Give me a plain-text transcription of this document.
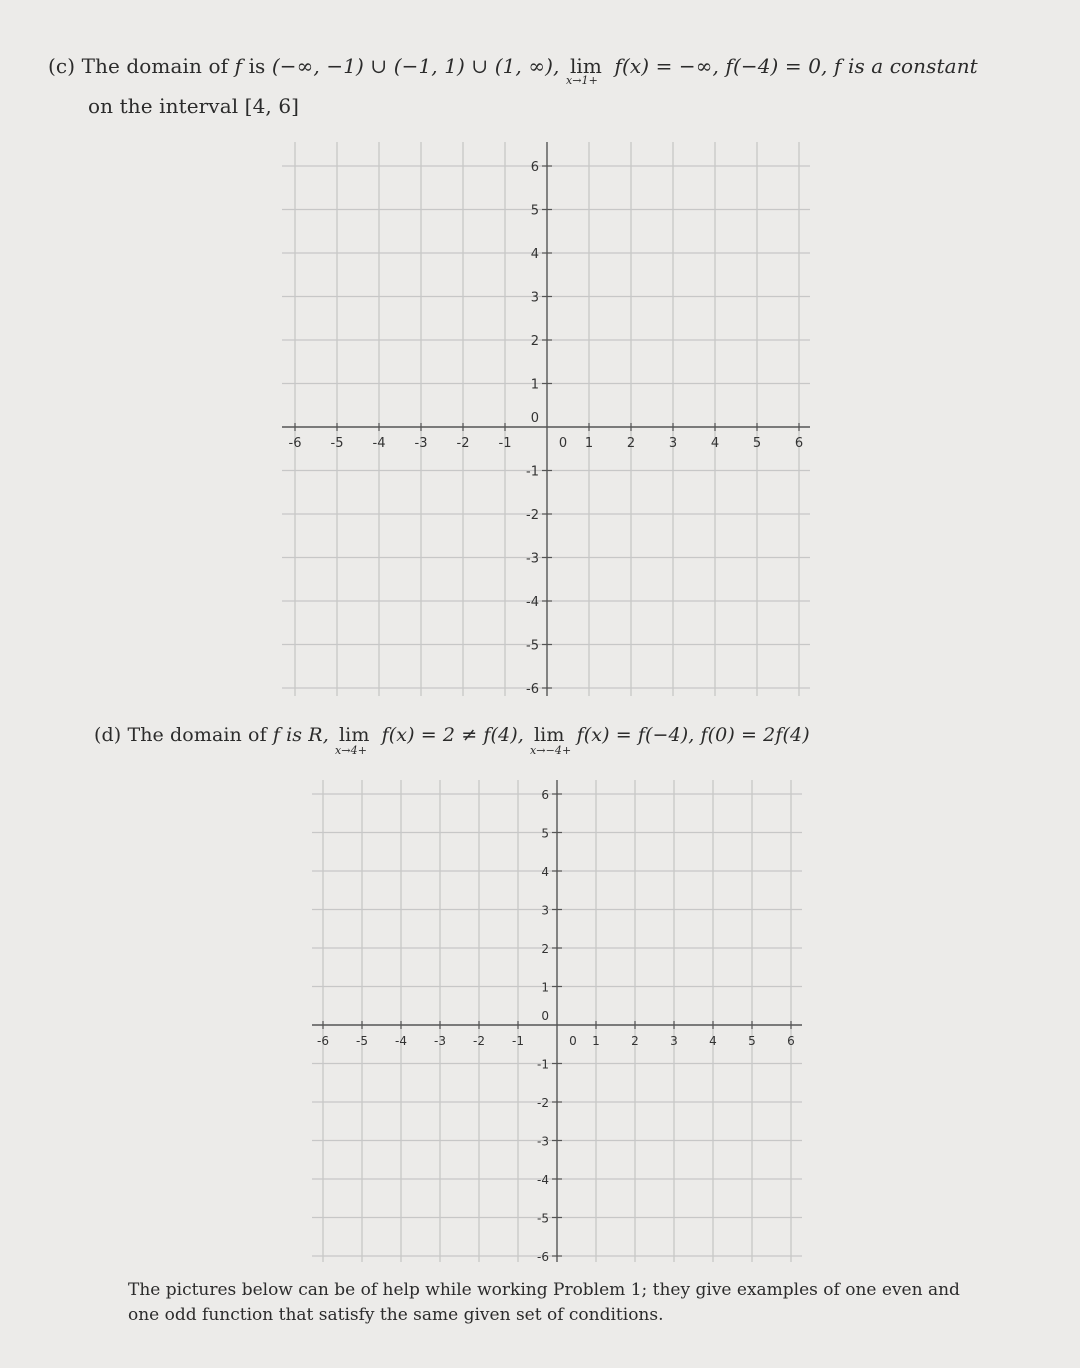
(c) The domain of f is (−∞, −1) ∪ (−1, 1) ∪ (1, ∞), lim
x→1+
f(x) = −∞, f(−4) = 0, f is a constant
on the interval [4, 6]
6
5
4
3
2
1
0
-1
-2
-3
-4
-5
-6
-6 -5 -4 -3 -2 -1	0 1	2	3	4	5	6
(d) The domain of f is R, lim
x→4+
f(x) = 2 ≠ f(4), lim
x→−4+
f(x) = f(−4), f(0) = 2f(4)
6
5
4
3
2
1
0
-1
-2
-3
-4
-5
-6
-6 -5 -4 -3 -2 -1	0 1	2	3	4	5	6
The pictures below can be of help while working Problem 1; they give examples of one even and one odd function that satisfy the same given set of conditions.
